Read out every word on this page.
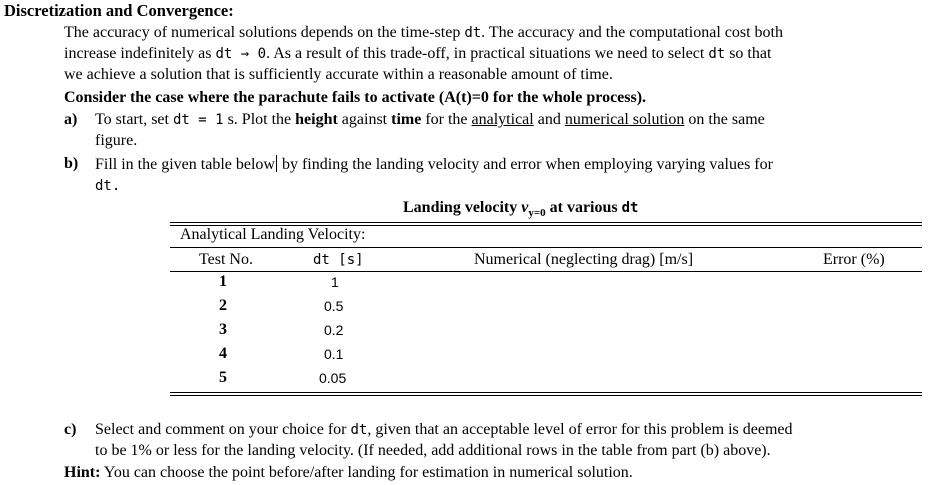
Discretization and Convergence:
The accuracy of numerical solutions depends on the time-step dt. The accuracy and the computational cost both
increase indefinitely as dt → 0. As a result of this trade-off, in practical situations we need to select dt so that
we achieve a solution that is sufficiently accurate within a reasonable amount of time.
Consider the case where the parachute fails to activate (A(t)=0 for the whole process).
a) To start, set dt = 1 s. Plot the height against time for the analytical and numerical solution on the same
figure.
b) Fill in the given table below by finding the landing velocity and error when employing varying values for
dt.
Landing velocity $v_{y=0}$ at various dt
Analytical Landing Velocity:
Test No.	dt [s]	Numerical (neglecting drag) [m/s]	Error (%)
1	1
2	0.5
3	0.2
4	0.1
5	0.05
c) Select and comment on your choice for dt, given that an acceptable level of error for this problem is deemed
to be 1% or less for the landing velocity. (If needed, add additional rows in the table from part (b) above).
Hint: You can choose the point before/after landing for estimation in numerical solution.
